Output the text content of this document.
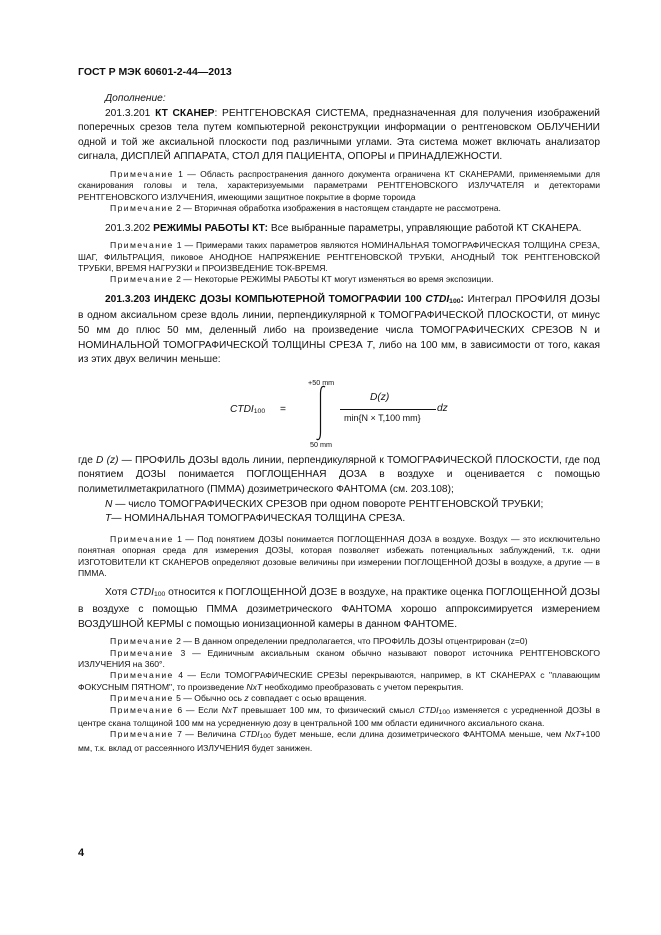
ГОСТ Р МЭК 60601-2-44—2013

Дополнение:

201.3.201 КТ СКАНЕР: РЕНТГЕНОВСКАЯ СИСТЕМА, предназначенная для получения изображений поперечных срезов тела путем компьютерной реконструкции информации о рентгеновском ОБЛУЧЕНИИ одной и той же аксиальной плоскости под различными углами. Эта система может включать анализатор сигнала, ДИСПЛЕЙ АППАРАТА, СТОЛ ДЛЯ ПАЦИЕНТА, ОПОРЫ и ПРИНАДЛЕЖНОСТИ.

Примечание 1 — Область распространения данного документа ограничена КТ СКАНЕРАМИ, применяемыми для сканирования головы и тела, характеризуемыми параметрами РЕНТГЕНОВСКОГО ИЗЛУЧАТЕЛЯ и детекторами РЕНТГЕНОВСКОГО ИЗЛУЧЕНИЯ, имеющими защитное покрытие в форме тороида

Примечание 2 — Вторичная обработка изображения в настоящем стандарте не рассмотрена.

201.3.202 РЕЖИМЫ РАБОТЫ КТ: Все выбранные параметры, управляющие работой КТ СКАНЕРА.

Примечание 1 — Примерами таких параметров являются НОМИНАЛЬНАЯ ТОМОГРАФИЧЕСКАЯ ТОЛЩИНА СРЕЗА, ШАГ, ФИЛЬТРАЦИЯ, пиковое АНОДНОЕ НАПРЯЖЕНИЕ РЕНТГЕНОВСКОЙ ТРУБКИ, АНОДНЫЙ ТОК РЕНТГЕНОВСКОЙ ТРУБКИ, ВРЕМЯ НАГРУЗКИ и ПРОИЗВЕДЕНИЕ ТОК-ВРЕМЯ.

Примечание 2 — Некоторые РЕЖИМЫ РАБОТЫ КТ могут изменяться во время экспозиции.

201.3.203 ИНДЕКС ДОЗЫ КОМПЬЮТЕРНОЙ ТОМОГРАФИИ 100 $CTDI_{100}$: Интеграл ПРОФИЛЯ ДОЗЫ в одном аксиальном срезе вдоль линии, перпендикулярной к ТОМОГРАФИЧЕСКОЙ ПЛОСКОСТИ, от минус 50 мм до плюс 50 мм, деленный либо на произведение числа ТОМОГРАФИЧЕСКИХ СРЕЗОВ N и НОМИНАЛЬНОЙ ТОМОГРАФИЧЕСКОЙ ТОЛЩИНЫ СРЕЗА T, либо на 100 мм, в зависимости от того, какая из этих двух величин меньше:

$CTDI_{100}$ =
+50 mm
50 mm
D(z)
min{N × T,100 mm}
dz

где D (z) — ПРОФИЛЬ ДОЗЫ вдоль линии, перпендикулярной к ТОМОГРАФИЧЕСКОЙ ПЛОСКОСТИ, где под понятием ДОЗЫ понимается ПОГЛОЩЕННАЯ ДОЗА в воздухе и оценивается с помощью полиметилметакрилатного (ПММА) дозиметрического ФАНТОМА (см. 203.108);

N — число ТОМОГРАФИЧЕСКИХ СРЕЗОВ при одном повороте РЕНТГЕНОВСКОЙ ТРУБКИ;

T— НОМИНАЛЬНАЯ ТОМОГРАФИЧЕСКАЯ ТОЛЩИНА СРЕЗА.

Примечание 1 — Под понятием ДОЗЫ понимается ПОГЛОЩЕННАЯ ДОЗА в воздухе. Воздух — это исключительно понятная опорная среда для измерения ДОЗЫ, которая позволяет избежать потенциальных заблуждений, т.к. одни ИЗГОТОВИТЕЛИ КТ СКАНЕРОВ определяют дозовые величины при измерении ПОГЛОЩЕННОЙ ДОЗЫ в воздухе, а другие — в ПММА.

Хотя $CTDI_{100}$ относится к ПОГЛОЩЕННОЙ ДОЗЕ в воздухе, на практике оценка ПОГЛОЩЕННОЙ ДОЗЫ в воздухе с помощью ПММА дозиметрического ФАНТОМА хорошо аппроксимируется измерением ВОЗДУШНОЙ КЕРМЫ с помощью ионизационной камеры в данном ФАНТОМЕ.

Примечание 2 — В данном определении предполагается, что ПРОФИЛЬ ДОЗЫ отцентрирован (z=0)

Примечание 3 — Единичным аксиальным сканом обычно называют поворот источника РЕНТГЕНОВСКОГО ИЗЛУЧЕНИЯ на 360°.

Примечание 4 — Если ТОМОГРАФИЧЕСКИЕ СРЕЗЫ перекрываются, например, в КТ СКАНЕРАХ с "плавающим ФОКУСНЫМ ПЯТНОМ", то произведение NxT необходимо преобразовать с учетом перекрытия.

Примечание 5 — Обычно ось z совпадает с осью вращения.

Примечание 6 — Если NxT превышает 100 мм, то физический смысл $CTDI_{100}$ изменяется с усредненной ДОЗЫ в центре скана толщиной 100 мм на усредненную дозу в центральной 100 мм области единичного аксиального скана.

Примечание 7 — Величина $CTDI_{100}$ будет меньше, если длина дозиметрического ФАНТОМА меньше, чем NxT+100 мм, т.к. вклад от рассеянного ИЗЛУЧЕНИЯ будет занижен.

4
